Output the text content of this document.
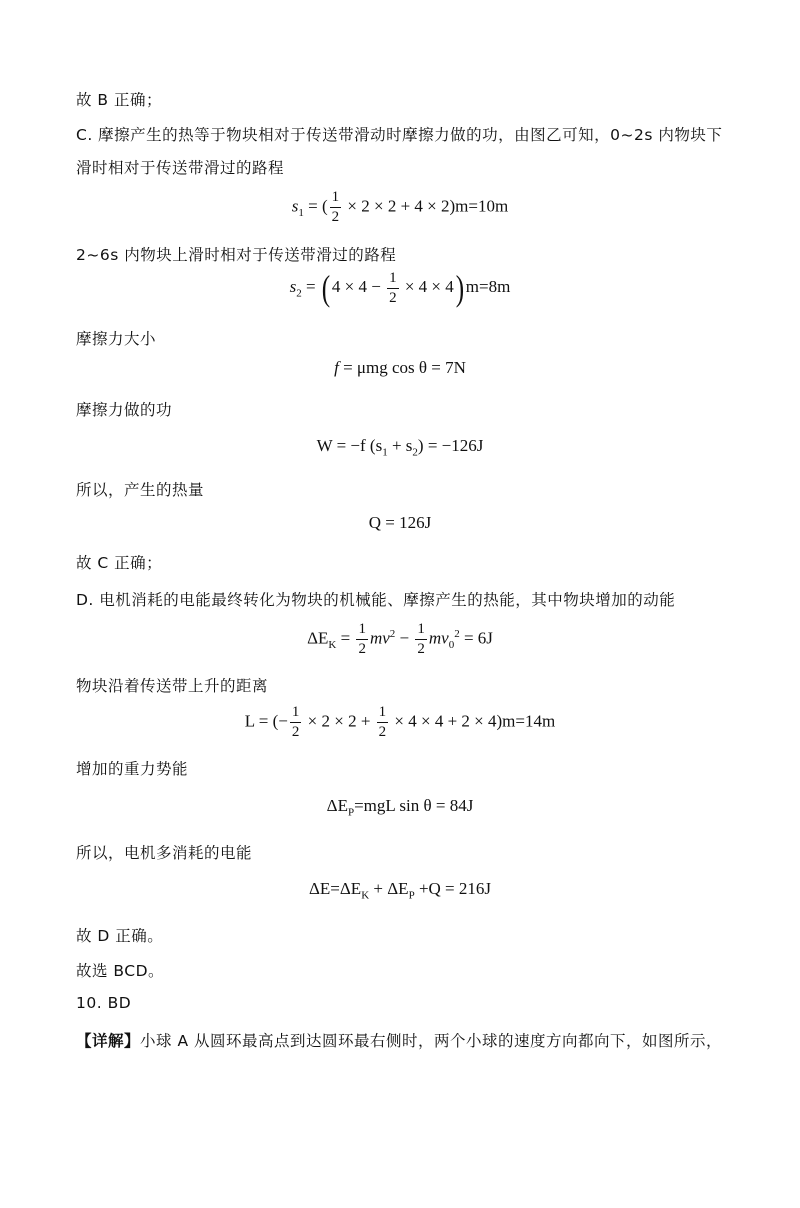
故 B 正确；
C. 摩擦产生的热等于物块相对于传送带滑动时摩擦力做的功，由图乙可知，0~2s 内物块下
滑时相对于传送带滑过的路程
$s_1$ = ( $\frac{1}{2} \times 2 \times 2 + 4 \times 2)m=10m$
2~6s 内物块上滑时相对于传送带滑过的路程
$s_2$ = ( $4 \times 4 - \frac{1}{2} \times 4 \times 4$) m=8m
摩擦力大小
f = μmg cos θ = 7N
摩擦力做的功
W = −f $(s_1 + s_2) = -126J$
所以，产生的热量
Q = 126J
故 C 正确；
D. 电机消耗的电能最终转化为物块的机械能、摩擦产生的热能，其中物块增加的动能
$\Delta E_K = \frac{1}{2} mv^2 - \frac{1}{2} mv_0^2 = 6J$
物块沿着传送带上升的距离
L = (− $\frac{1}{2} \times 2 \times 2 + \frac{1}{2} \times 4 \times 4 + 2 \times 4)m=14m$
增加的重力势能
$\Delta E_P=mgL$ sin θ = 84J
所以，电机多消耗的电能
$\Delta E=\Delta E_K + \Delta E_P +Q = 216J$
故 D 正确。
故选 BCD。
10. BD
【详解】小球 A 从圆环最高点到达圆环最右侧时，两个小球的速度方向都向下，如图所示，
